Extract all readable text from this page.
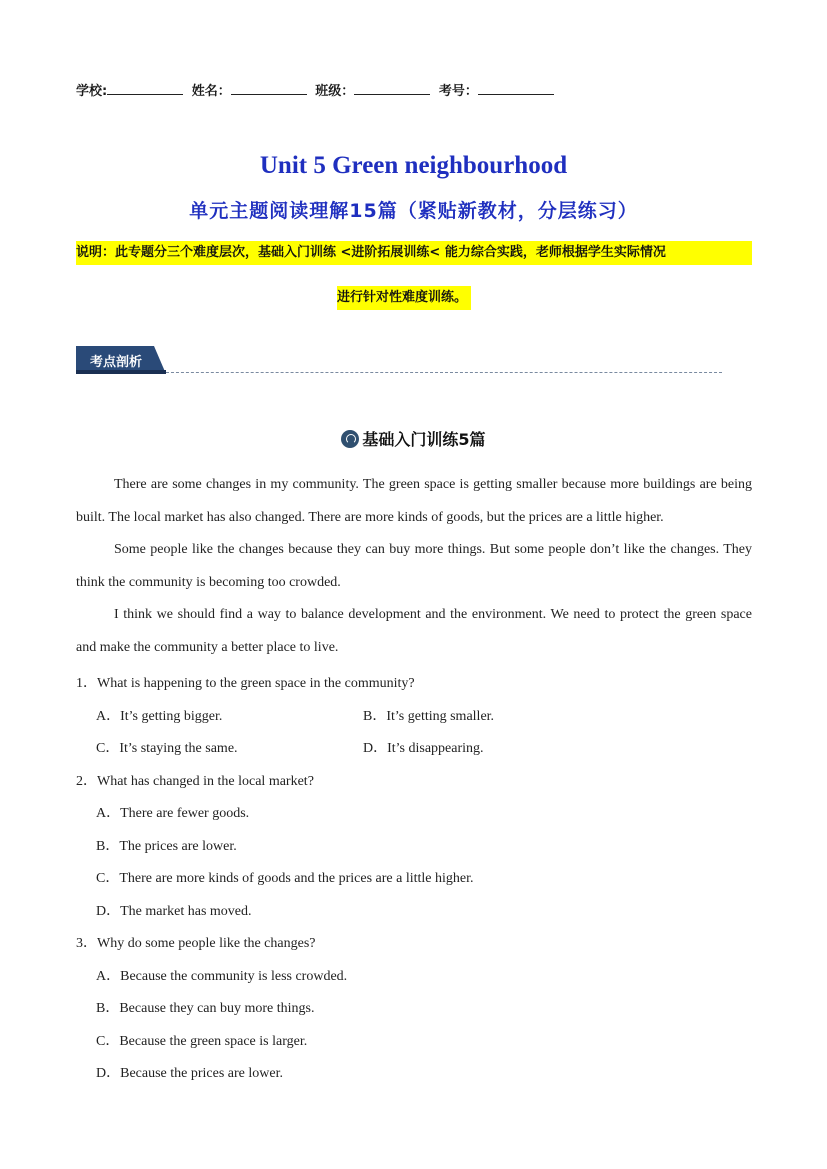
学校:	姓名：	班级：	考号：
Unit 5 Green neighbourhood
单元主题阅读理解15篇（紧贴新教材，分层练习）
说明：此专题分三个难度层次，基础入门训练 <进阶拓展训练< 能力综合实践，老师根据学生实际情况
进行针对性难度训练。
考点剖析
基础入门训练5篇
There are some changes in my community. The green space is getting smaller because more buildings are being built. The local market has also changed. There are more kinds of goods, but the prices are a little higher.
Some people like the changes because they can buy more things. But some people don’t like the changes. They think the community is becoming too crowded.
I think we should find a way to balance development and the environment. We need to protect the green space and make the community a better place to live.
1．What is happening to the green space in the community?
A．It’s getting bigger.	B．It’s getting smaller.
C．It’s staying the same.	D．It’s disappearing.
2．What has changed in the local market?
A．There are fewer goods.
B．The prices are lower.
C．There are more kinds of goods and the prices are a little higher.
D．The market has moved.
3．Why do some people like the changes?
A．Because the community is less crowded.
B．Because they can buy more things.
C．Because the green space is larger.
D．Because the prices are lower.
